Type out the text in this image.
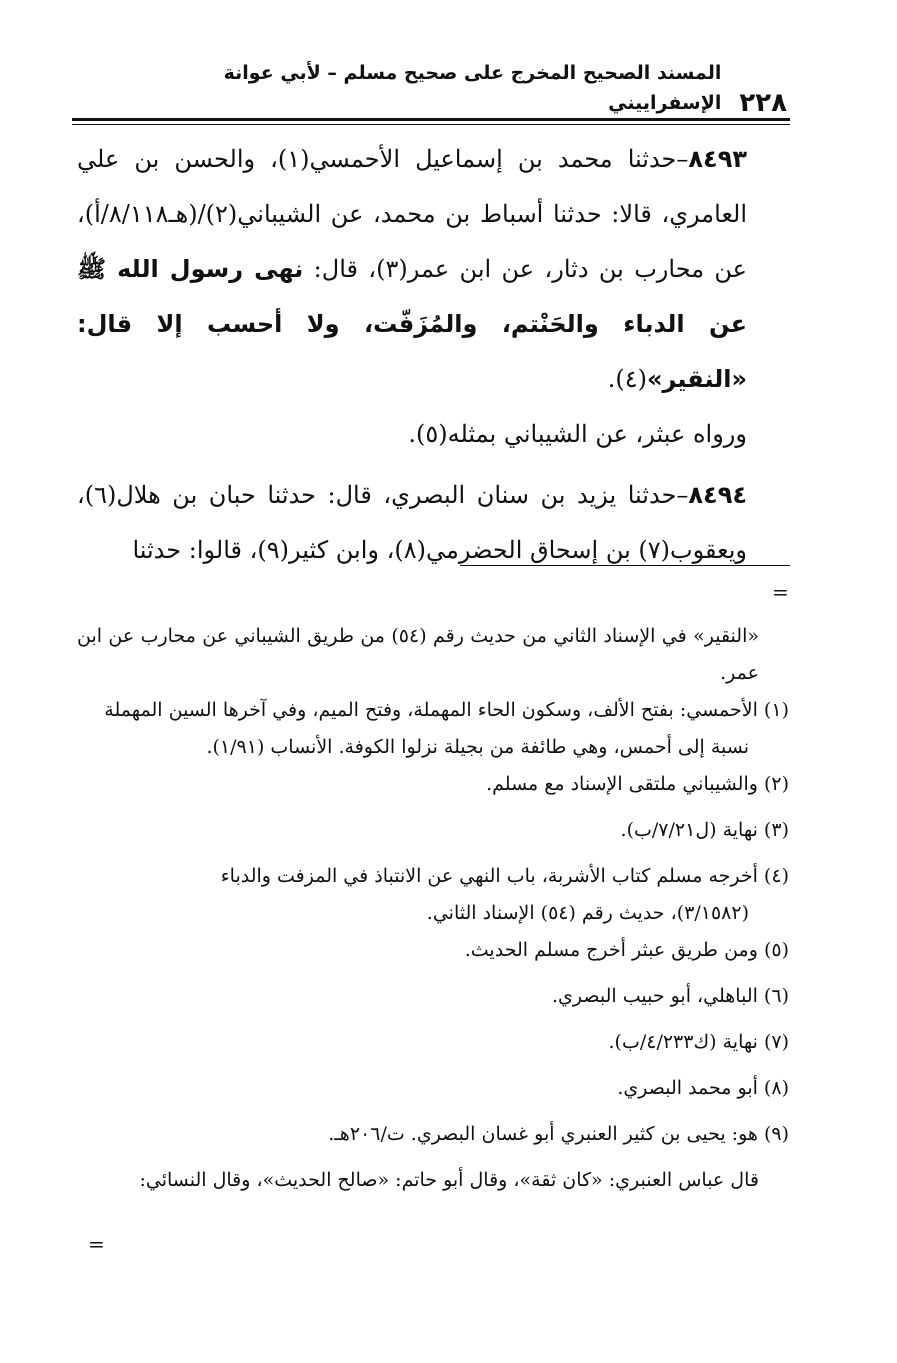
٢٢٨
المسند الصحيح المخرج على صحيح مسلم – لأبي عوانة الإسفراييني

٨٤٩٣–حدثنا محمد بن إسماعيل الأحمسي(١)، والحسن بن علي العامري، قالا: حدثنا أسباط بن محمد، عن الشيباني(٢)/(هـ٨/١١٨/أ)، عن محارب بن دثار، عن ابن عمر(٣)، قال: نهى رسول الله ﷺ عن الدباء والحَنْتم، والمُزَفّت، ولا أحسب إلا قال: «النقير»(٤).

ورواه عبثر، عن الشيباني بمثله(٥).

٨٤٩٤–حدثنا يزيد بن سنان البصري، قال: حدثنا حبان بن هلال(٦)، ويعقوب(٧) بن إسحاق الحضرمي(٨)، وابن كثير(٩)، قالوا: حدثنا

=

«النقير» في الإسناد الثاني من حديث رقم (٥٤) من طريق الشيباني عن محارب عن ابن عمر.

(١) الأحمسي: بفتح الألف، وسكون الحاء المهملة، وفتح الميم، وفي آخرها السين المهملة

نسبة إلى أحمس، وهي طائفة من بجيلة نزلوا الكوفة. الأنساب (١/٩١).

(٢) والشيباني ملتقى الإسناد مع مسلم.

(٣) نهاية (ل٧/٢١/ب).

(٤) أخرجه مسلم كتاب الأشربة، باب النهي عن الانتباذ في المزفت والدباء

(٣/١٥٨٢)، حديث رقم (٥٤) الإسناد الثاني.

(٥) ومن طريق عبثر أخرج مسلم الحديث.

(٦) الباهلي، أبو حبيب البصري.

(٧) نهاية (ك٤/٢٣٣/ب).

(٨) أبو محمد البصري.

(٩) هو: يحيى بن كثير العنبري أبو غسان البصري. ت/٢٠٦هـ.

قال عباس العنبري: «كان ثقة»، وقال أبو حاتم: «صالح الحديث»، وقال النسائي:

=
